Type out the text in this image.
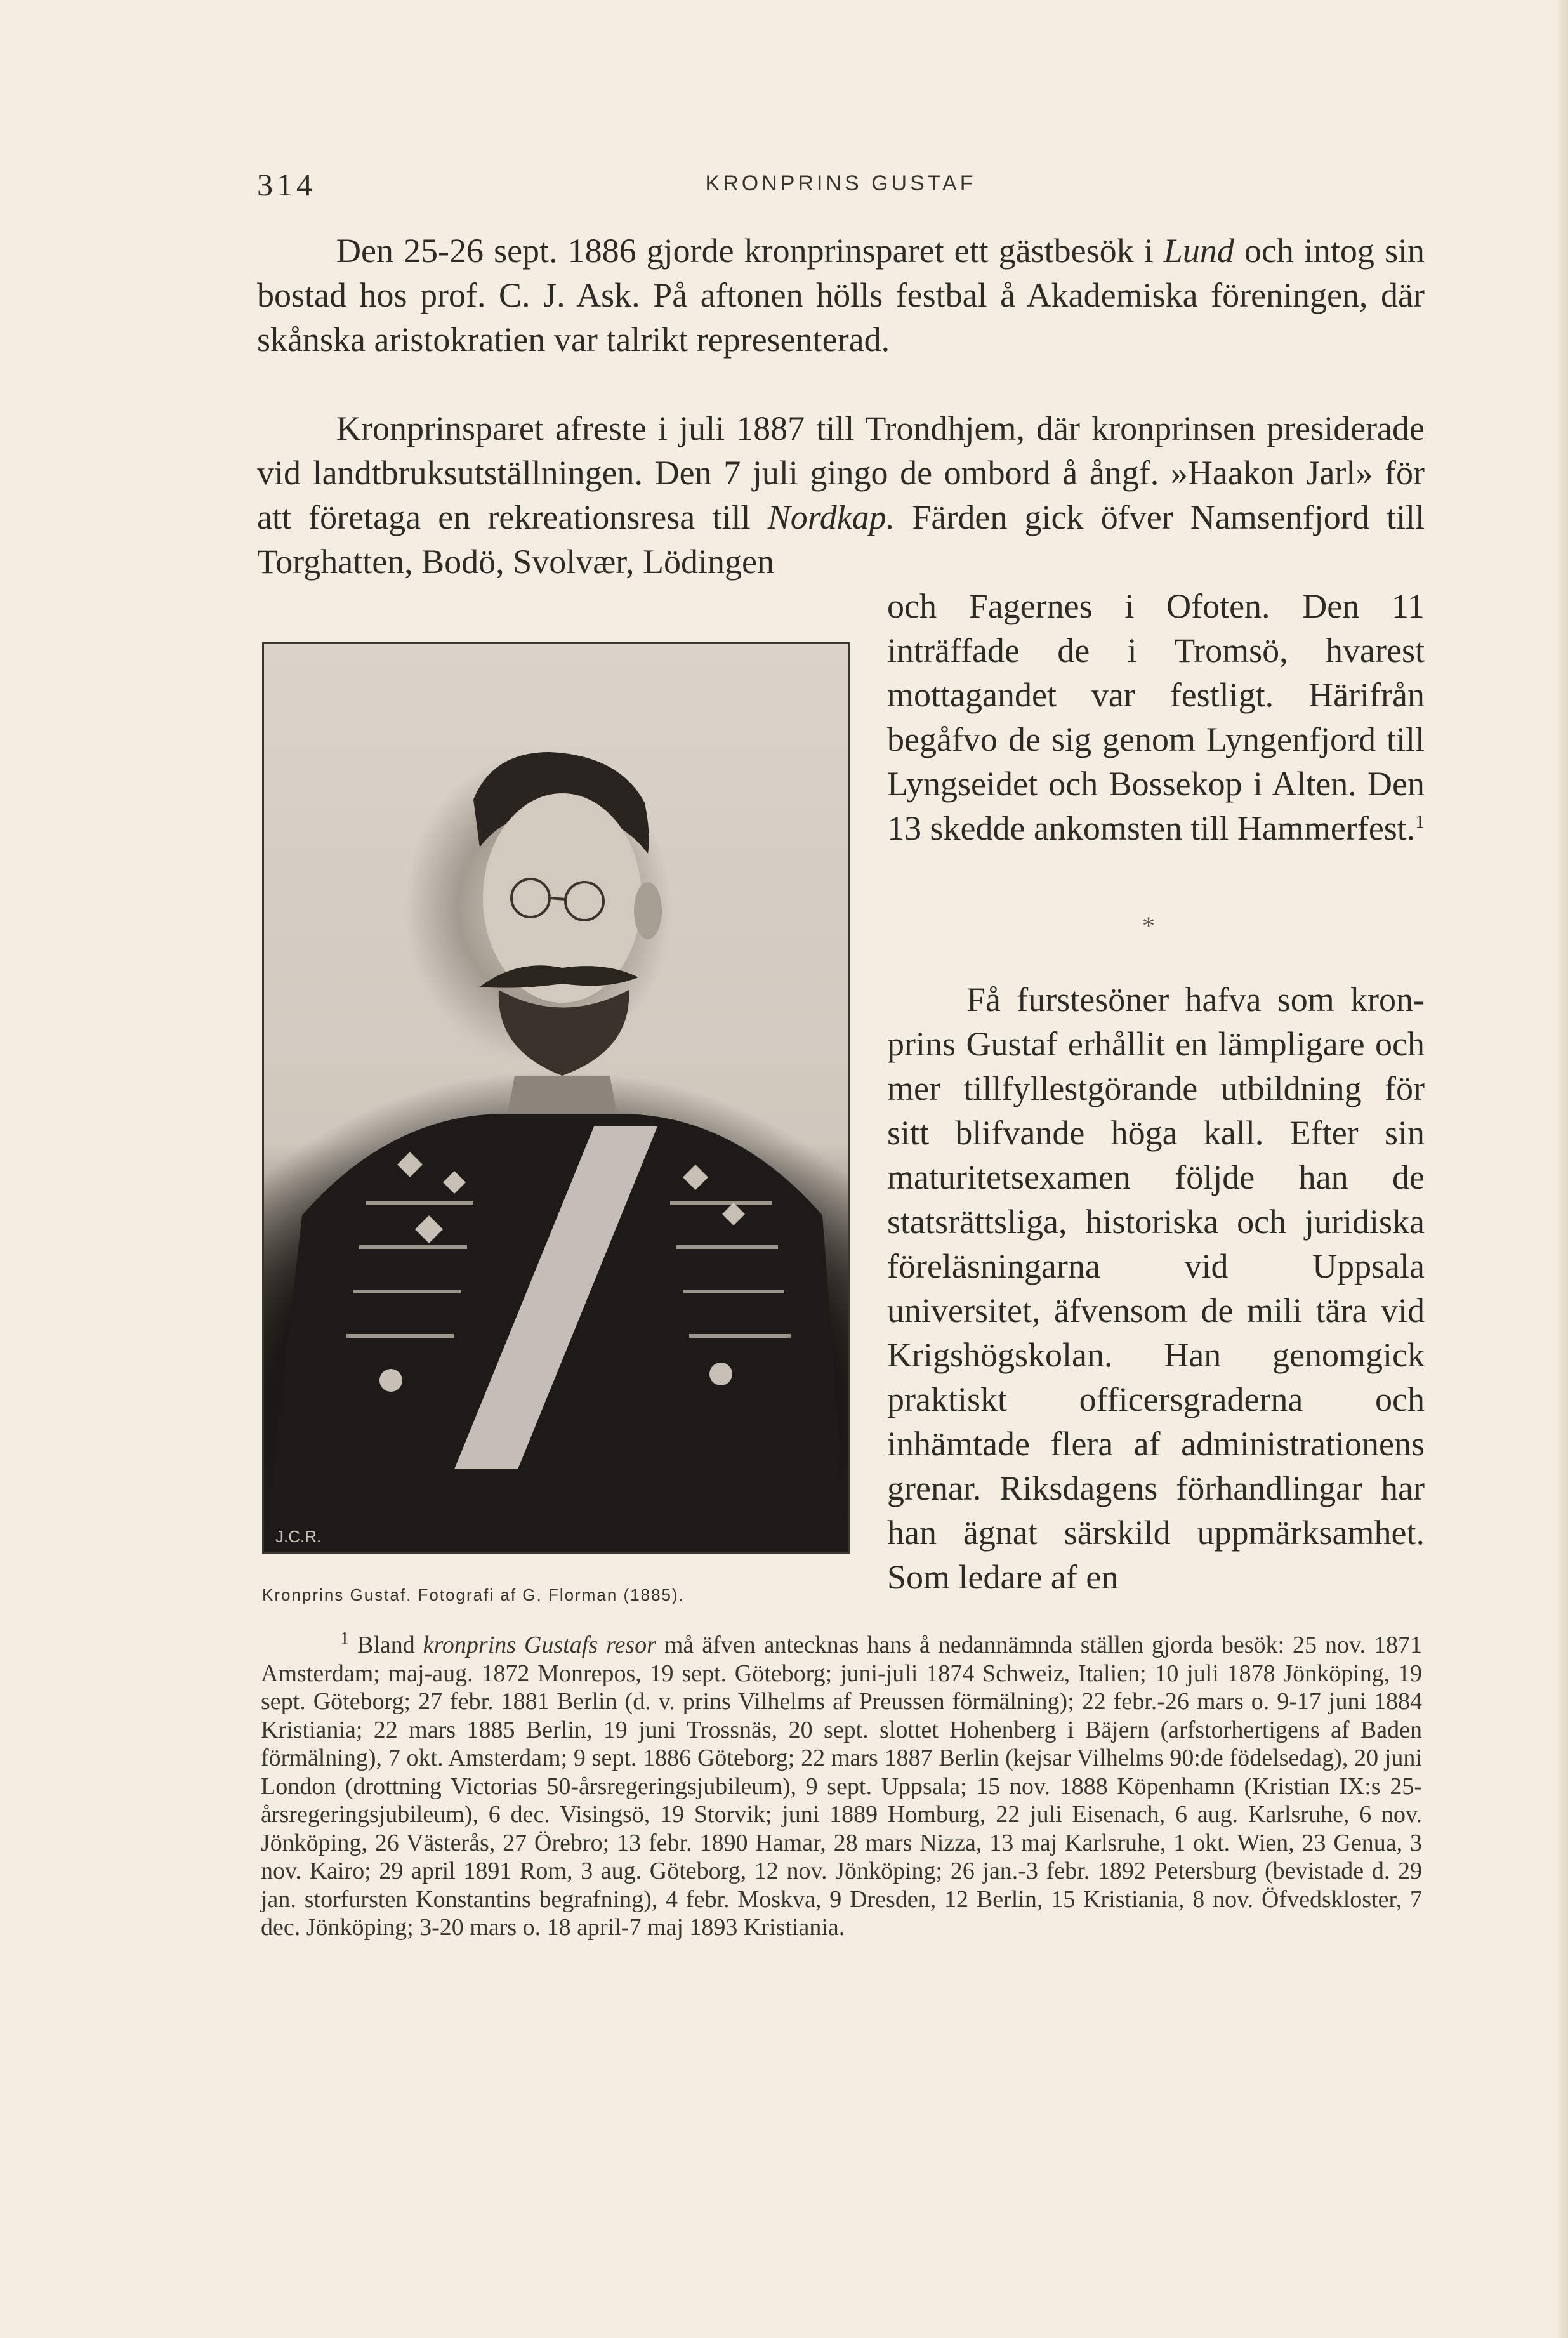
314	KRONPRINS GUSTAF

Den 25-26 sept. 1886 gjorde kronprinsparet ett gästbesök i Lund och intog sin bostad hos prof. C. J. Ask. På aftonen hölls festbal å Akademiska föreningen, där skånska aristokratien var talrikt representerad.

Kronprinsparet afreste i juli 1887 till Trondhjem, där kronprinsen presiderade vid landtbruksutställningen. Den 7 juli gingo de ombord å ångf. »Haakon Jarl» för att företaga en rekreationsresa till Nordkap. Färden gick öfver Namsenfjord till Torghatten, Bodö, Svolvær, Lödingen

och Fagernes i Ofoten. Den 11 inträffade de i Tromsö, hvarest mottagandet var festligt. Härifrån begåfvo de sig genom Lyngenfjord till Lyngseidet och Bossekop i Alten. Den 13 skedde ankomsten till Hammerfest.$^1$

*

Få furstesöner hafva som kronprins Gustaf erhållit en lämpligare och mer tillfyllestgörande utbildning för sitt blifvande höga kall. Efter sin maturitetsexamen följde han de statsrättsliga, historiska och juridiska föreläsningarna vid Uppsala universitet, äfvensom de mili tära vid Krigshögskolan. Han genomgick praktiskt officersgraderna och inhämtade flera af administrationens grenar. Riksdagens förhandlingar har han ägnat särskild uppmärksamhet. Som ledare af en

J.C.R.
Kronprins Gustaf. Fotografi af G. Florman (1885).

$^1$ Bland kronprins Gustafs resor må äfven antecknas hans å nedannämnda ställen gjorda besök: 25 nov. 1871 Amsterdam; maj-aug. 1872 Monrepos, 19 sept. Göteborg; juni-juli 1874 Schweiz, Italien; 10 juli 1878 Jönköping, 19 sept. Göteborg; 27 febr. 1881 Berlin (d. v. prins Vilhelms af Preussen förmälning); 22 febr.-26 mars o. 9-17 juni 1884 Kristiania; 22 mars 1885 Berlin, 19 juni Trossnäs, 20 sept. slottet Hohenberg i Bäjern (arfstorhertigens af Baden förmälning), 7 okt. Amsterdam; 9 sept. 1886 Göteborg; 22 mars 1887 Berlin (kejsar Vilhelms 90:de födelsedag), 20 juni London (drottning Victorias 50-årsregeringsjubileum), 9 sept. Uppsala; 15 nov. 1888 Köpenhamn (Kristian IX:s 25-årsregeringsjubileum), 6 dec. Visingsö, 19 Storvik; juni 1889 Homburg, 22 juli Eisenach, 6 aug. Karlsruhe, 6 nov. Jönköping, 26 Västerås, 27 Örebro; 13 febr. 1890 Hamar, 28 mars Nizza, 13 maj Karlsruhe, 1 okt. Wien, 23 Genua, 3 nov. Kairo; 29 april 1891 Rom, 3 aug. Göteborg, 12 nov. Jönköping; 26 jan.-3 febr. 1892 Petersburg (bevistade d. 29 jan. storfursten Konstantins begrafning), 4 febr. Moskva, 9 Dresden, 12 Berlin, 15 Kristiania, 8 nov. Öfvedskloster, 7 dec. Jönköping; 3-20 mars o. 18 april-7 maj 1893 Kristiania.
